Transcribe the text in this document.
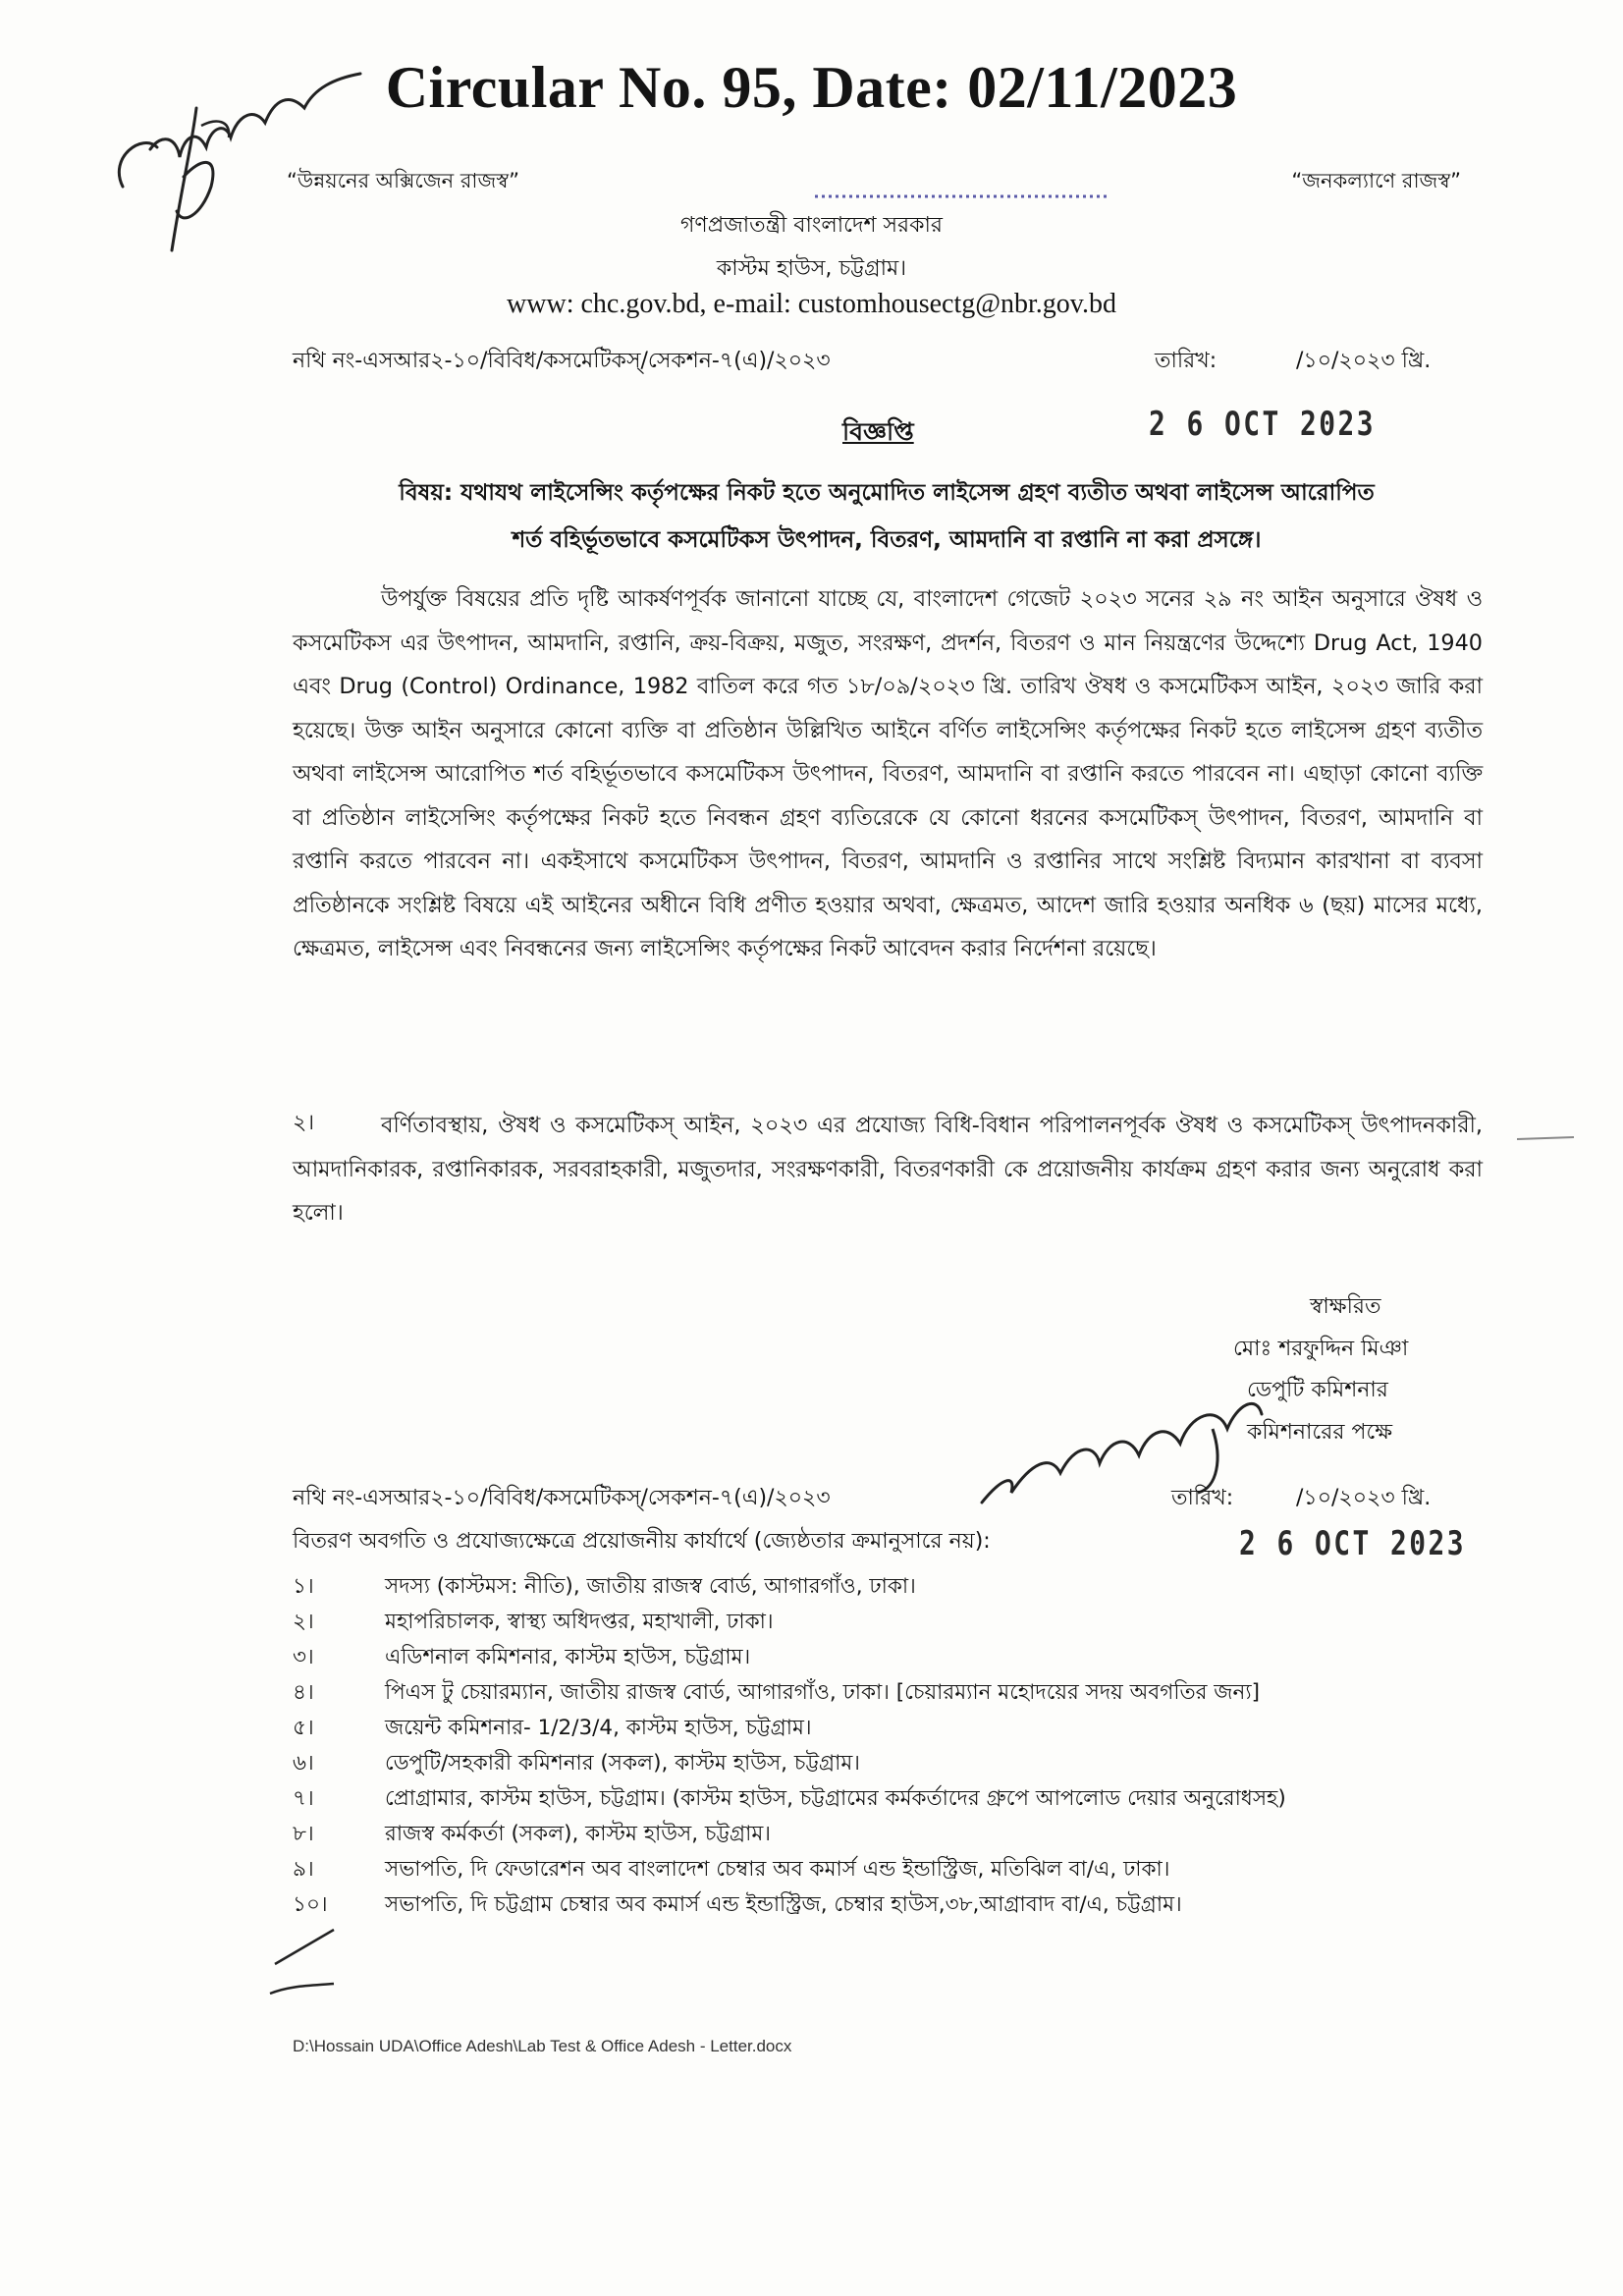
Circular No. 95, Date: 02/11/2023
“উন্নয়নের অক্সিজেন রাজস্ব”	“জনকল্যাণে রাজস্ব”
গণপ্রজাতন্ত্রী বাংলাদেশ সরকার
কাস্টম হাউস, চট্টগ্রাম।
www: chc.gov.bd, e-mail: customhousectg@nbr.gov.bd
নথি নং-এসআর২-১০/বিবিধ/কসমেটিকস্‌/সেকশন-৭(এ)/২০২৩	তারিখ:	/১০/২০২৩ খ্রি.
বিজ্ঞপ্তি	2 6 OCT 2023
বিষয়: যথাযথ লাইসেন্সিং কর্তৃপক্ষের নিকট হতে অনুমোদিত লাইসেন্স গ্রহণ ব্যতীত অথবা লাইসেন্স আরোপিত
শর্ত বহির্ভূতভাবে কসমেটিকস উৎপাদন, বিতরণ, আমদানি বা রপ্তানি না করা প্রসঙ্গে।
উপর্যুক্ত বিষয়ের প্রতি দৃষ্টি আকর্ষণপূর্বক জানানো যাচ্ছে যে, বাংলাদেশ গেজেট ২০২৩ সনের ২৯ নং আইন অনুসারে ঔষধ ও কসমেটিকস এর উৎপাদন, আমদানি, রপ্তানি, ক্রয়-বিক্রয়, মজুত, সংরক্ষণ, প্রদর্শন, বিতরণ ও মান নিয়ন্ত্রণের উদ্দেশ্যে Drug Act, 1940 এবং Drug (Control) Ordinance, 1982 বাতিল করে গত ১৮/০৯/২০২৩ খ্রি. তারিখ ঔষধ ও কসমেটিকস আইন, ২০২৩ জারি করা হয়েছে। উক্ত আইন অনুসারে কোনো ব্যক্তি বা প্রতিষ্ঠান উল্লিখিত আইনে বর্ণিত লাইসেন্সিং কর্তৃপক্ষের নিকট হতে লাইসেন্স গ্রহণ ব্যতীত অথবা লাইসেন্স আরোপিত শর্ত বহির্ভূতভাবে কসমেটিকস উৎপাদন, বিতরণ, আমদানি বা রপ্তানি করতে পারবেন না। এছাড়া কোনো ব্যক্তি বা প্রতিষ্ঠান লাইসেন্সিং কর্তৃপক্ষের নিকট হতে নিবন্ধন গ্রহণ ব্যতিরেকে যে কোনো ধরনের কসমেটিকস্‌ উৎপাদন, বিতরণ, আমদানি বা রপ্তানি করতে পারবেন না। একইসাথে কসমেটিকস উৎপাদন, বিতরণ, আমদানি ও রপ্তানির সাথে সংশ্লিষ্ট বিদ্যমান কারখানা বা ব্যবসা প্রতিষ্ঠানকে সংশ্লিষ্ট বিষয়ে এই আইনের অধীনে বিধি প্রণীত হওয়ার অথবা, ক্ষেত্রমত, আদেশ জারি হওয়ার অনধিক ৬ (ছয়) মাসের মধ্যে, ক্ষেত্রমত, লাইসেন্স এবং নিবন্ধনের জন্য লাইসেন্সিং কর্তৃপক্ষের নিকট আবেদন করার নির্দেশনা রয়েছে।
২।	বর্ণিতাবস্থায়, ঔষধ ও কসমেটিকস্‌ আইন, ২০২৩ এর প্রযোজ্য বিধি-বিধান পরিপালনপূর্বক ঔষধ ও কসমেটিকস্‌ উৎপাদনকারী, আমদানিকারক, রপ্তানিকারক, সরবরাহকারী, মজুতদার, সংরক্ষণকারী, বিতরণকারী কে প্রয়োজনীয় কার্যক্রম গ্রহণ করার জন্য অনুরোধ করা হলো।
স্বাক্ষরিত
মোঃ শরফুদ্দিন মিঞা
ডেপুটি কমিশনার
কমিশনারের পক্ষে
নথি নং-এসআর২-১০/বিবিধ/কসমেটিকস্‌/সেকশন-৭(এ)/২০২৩	তারিখ:	/১০/২০২৩ খ্রি.
বিতরণ অবগতি ও প্রযোজ্যক্ষেত্রে প্রয়োজনীয় কার্যার্থে (জ্যেষ্ঠতার ক্রমানুসারে নয়):	2 6 OCT 2023
১।	সদস্য (কাস্টমস: নীতি), জাতীয় রাজস্ব বোর্ড, আগারগাঁও, ঢাকা।
২।	মহাপরিচালক, স্বাস্থ্য অধিদপ্তর, মহাখালী, ঢাকা।
৩।	এডিশনাল কমিশনার, কাস্টম হাউস, চট্টগ্রাম।
৪।	পিএস টু চেয়ারম্যান, জাতীয় রাজস্ব বোর্ড, আগারগাঁও, ঢাকা। [চেয়ারম্যান মহোদয়ের সদয় অবগতির জন্য]
৫।	জয়েন্ট কমিশনার- 1/2/3/4, কাস্টম হাউস, চট্টগ্রাম।
৬।	ডেপুটি/সহকারী কমিশনার (সকল), কাস্টম হাউস, চট্টগ্রাম।
৭।	প্রোগ্রামার, কাস্টম হাউস, চট্টগ্রাম। (কাস্টম হাউস, চট্টগ্রামের কর্মকর্তাদের গ্রুপে আপলোড দেয়ার অনুরোধসহ)
৮।	রাজস্ব কর্মকর্তা (সকল), কাস্টম হাউস, চট্টগ্রাম।
৯।	সভাপতি, দি ফেডারেশন অব বাংলাদেশ চেম্বার অব কমার্স এন্ড ইন্ডাস্ট্রিজ, মতিঝিল বা/এ, ঢাকা।
১০।	সভাপতি, দি চট্টগ্রাম চেম্বার অব কমার্স এন্ড ইন্ডাস্ট্রিজ, চেম্বার হাউস,৩৮,আগ্রাবাদ বা/এ, চট্টগ্রাম।
D:\Hossain UDA\Office Adesh\Lab Test & Office Adesh - Letter.docx
